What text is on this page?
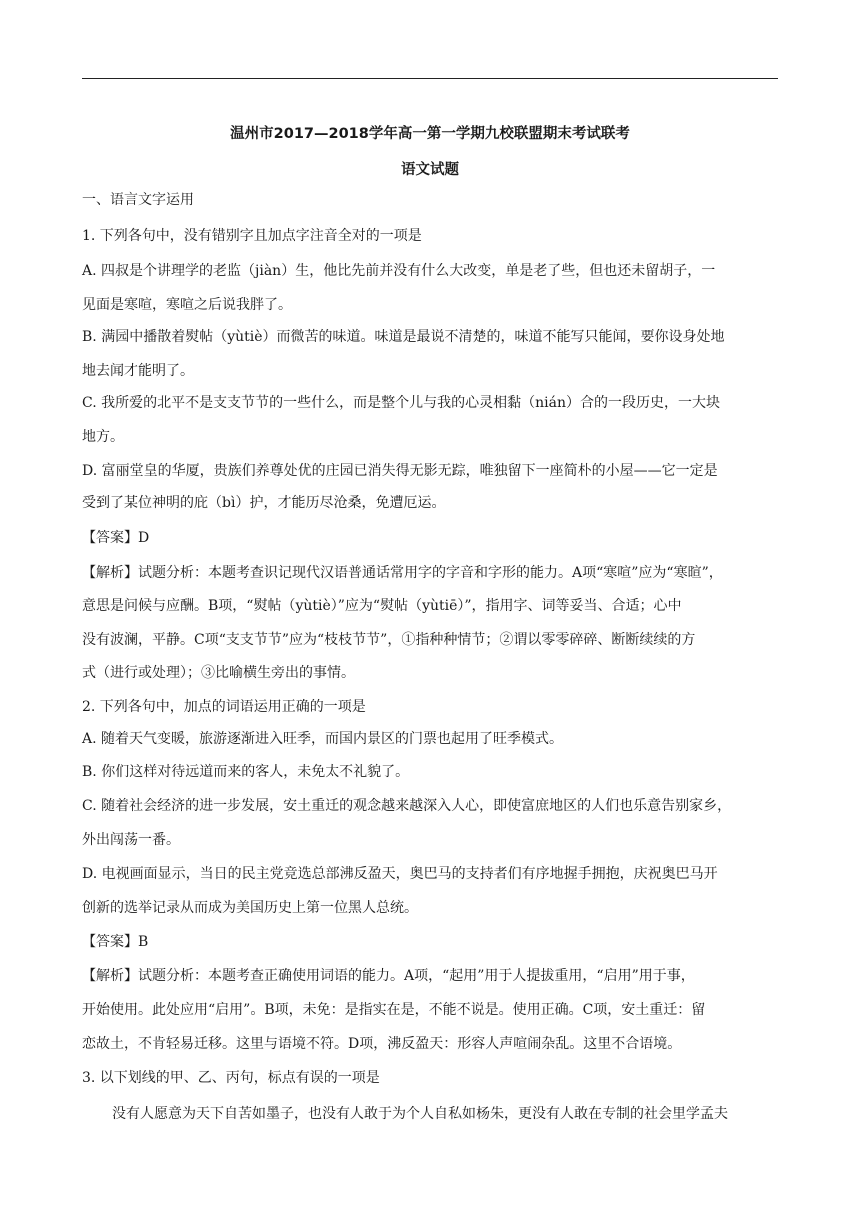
温州市2017—2018学年高一第一学期九校联盟期末考试联考
语文试题
一、语言文字运用
1. 下列各句中，没有错别字且加点字注音全对的一项是
A. 四叔是个讲理学的老监（jiàn）生，他比先前并没有什么大改变，单是老了些，但也还未留胡子，一
见面是寒喧，寒喧之后说我胖了。
B. 满园中播散着熨帖（yùtiè）而微苦的味道。味道是最说不清楚的，味道不能写只能闻，要你设身处地
地去闻才能明了。
C. 我所爱的北平不是支支节节的一些什么，而是整个儿与我的心灵相黏（nián）合的一段历史，一大块
地方。
D. 富丽堂皇的华厦，贵族们养尊处优的庄园已消失得无影无踪，唯独留下一座简朴的小屋——它一定是
受到了某位神明的庇（bì）护，才能历尽沧桑，免遭厄运。
【答案】D
【解析】试题分析：本题考查识记现代汉语普通话常用字的字音和字形的能力。A项“寒喧”应为“寒暄”，
意思是问候与应酬。B项，“熨帖（yùtiè）”应为“熨帖（yùtiē）”，指用字、词等妥当、合适；心中
没有波澜，平静。C项“支支节节”应为“枝枝节节”，①指种种情节；②谓以零零碎碎、断断续续的方
式（进行或处理）；③比喻横生旁出的事情。
2. 下列各句中，加点的词语运用正确的一项是
A. 随着天气变暖，旅游逐渐进入旺季，而国内景区的门票也起用了旺季模式。
B. 你们这样对待远道而来的客人，未免太不礼貌了。
C. 随着社会经济的进一步发展，安土重迁的观念越来越深入人心，即使富庶地区的人们也乐意告别家乡，
外出闯荡一番。
D. 电视画面显示，当日的民主党竞选总部沸反盈天，奥巴马的支持者们有序地握手拥抱，庆祝奥巴马开
创新的选举记录从而成为美国历史上第一位黑人总统。
【答案】B
【解析】试题分析：本题考查正确使用词语的能力。A项，“起用”用于人提拔重用，“启用”用于事，
开始使用。此处应用“启用”。B项，未免：是指实在是，不能不说是。使用正确。C项，安土重迁：留
恋故土，不肯轻易迁移。这里与语境不符。D项，沸反盈天：形容人声喧闹杂乱。这里不合语境。
3. 以下划线的甲、乙、丙句，标点有误的一项是
没有人愿意为天下自苦如墨子，也没有人敢于为个人自私如杨朱，更没有人敢在专制的社会里学孟夫
